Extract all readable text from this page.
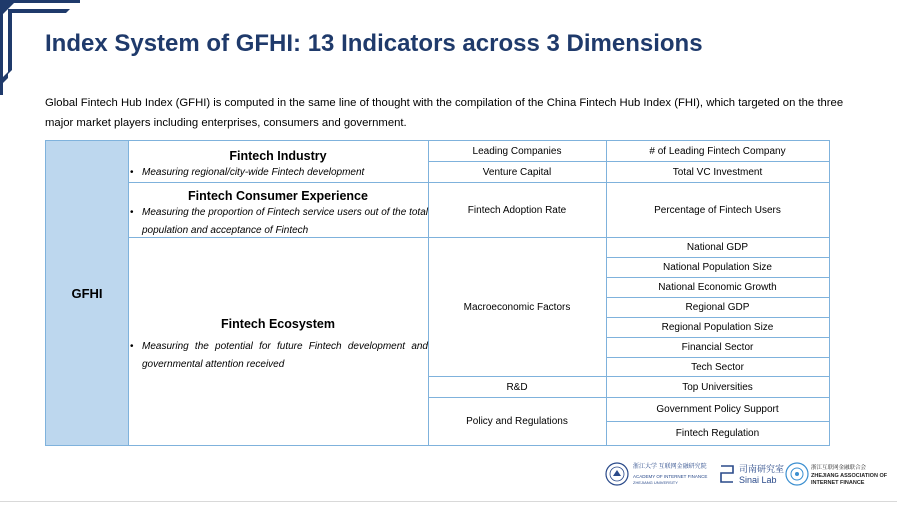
Index System of GFHI: 13 Indicators across 3 Dimensions
Global Fintech Hub Index (GFHI) is computed in the same line of thought with the compilation of the China Fintech Hub Index (FHI), which targeted on the three major market players including enterprises, consumers and government.
GFHI
Fintech Industry
• Measuring regional/city-wide Fintech development
Fintech Consumer Experience
• Measuring the proportion of Fintech service users out of the total population and acceptance of Fintech
Fintech Ecosystem
• Measuring the potential for future Fintech development and governmental attention received
Leading Companies
Venture Capital
Fintech Adoption Rate
Macroeconomic Factors
R&D
Policy and Regulations
# of Leading Fintech Company
Total VC Investment
Percentage of Fintech Users
National GDP
National Population Size
National Economic Growth
Regional GDP
Regional Population Size
Financial Sector
Tech Sector
Top Universities
Government Policy Support
Fintech Regulation
浙江大学 互联网金融研究院
ACADEMY OF INTERNET FINANCE
ZHEJIANG UNIVERSITY
司南研究室
Sinai Lab
浙江互联网金融联合会
ZHEJIANG ASSOCIATION OF
INTERNET FINANCE
